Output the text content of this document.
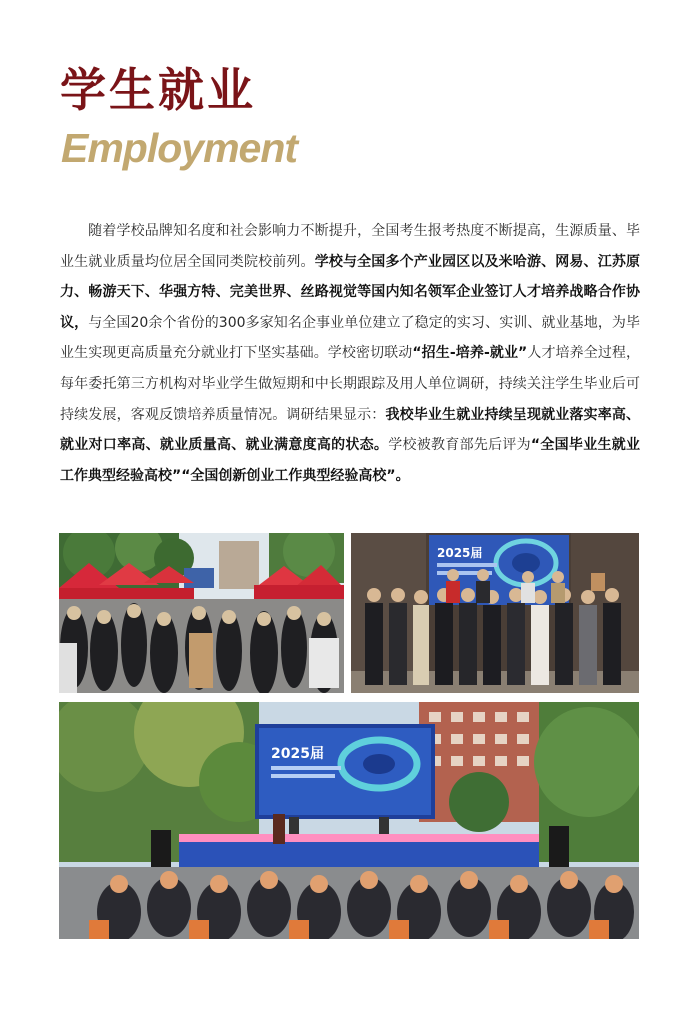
学生就业
Employment
随着学校品牌知名度和社会影响力不断提升，全国考生报考热度不断提高，生源质量、毕业生就业质量均位居全国同类院校前列。学校与全国多个产业园区以及米哈游、网易、江苏原力、畅游天下、华强方特、完美世界、丝路视觉等国内知名领军企业签订人才培养战略合作协议，与全国20余个省份的300多家知名企事业单位建立了稳定的实习、实训、就业基地，为毕业生实现更高质量充分就业打下坚实基础。学校密切联动“招生-培养-就业”人才培养全过程，每年委托第三方机构对毕业学生做短期和中长期跟踪及用人单位调研，持续关注学生毕业后可持续发展，客观反馈培养质量情况。调研结果显示：我校毕业生就业持续呈现就业落实率高、就业对口率高、就业质量高、就业满意度高的状态。学校被教育部先后评为“全国毕业生就业工作典型经验高校”“全国创新创业工作典型经验高校”。
2025届
2025届
